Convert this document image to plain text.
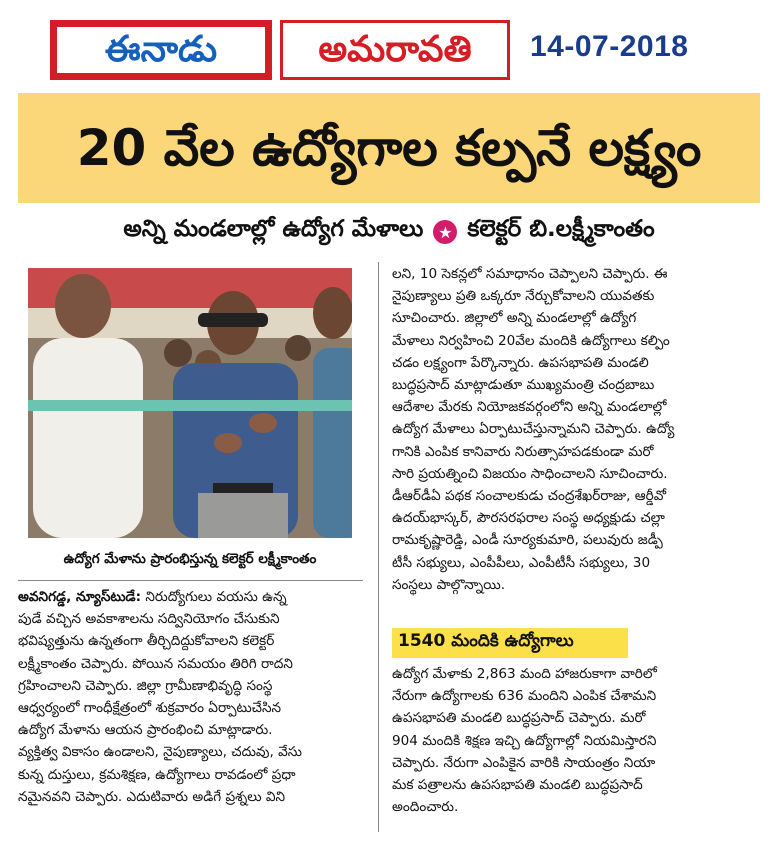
ఈనాడు	అమరావతి	14-07-2018
20 వేల ఉద్యోగాల కల్పనే లక్ష్యం
అన్ని మండలాల్లో ఉద్యోగ మేళాలు ★ కలెక్టర్ బి.లక్ష్మీకాంతం
ఉద్యోగ మేళాను ప్రారంభిస్తున్న కలెక్టర్ లక్ష్మీకాంతం
అవనిగడ్డ, న్యూస్‌టుడే: నిరుద్యోగులు వయసు ఉన్న
పుడే వచ్చిన అవకాశాలను సద్వినియోగం చేసుకుని
భవిష్యత్తును ఉన్నతంగా తీర్చిదిద్దుకోవాలని కలెక్టర్
లక్ష్మీకాంతం చెప్పారు. పోయిన సమయం తిరిగి రాదని
గ్రహించాలని చెప్పారు. జిల్లా గ్రామీణాభివృద్ధి సంస్థ
ఆధ్వర్యంలో గాంధీక్షేత్రంలో శుక్రవారం ఏర్పాటుచేసిన
ఉద్యోగ మేళాను ఆయన ప్రారంభించి మాట్లాడారు.
వ్యక్తిత్వ వికాసం ఉండాలని, నైపుణ్యాలు, చదువు, వేసు
కున్న దుస్తులు, క్రమశిక్షణ, ఉద్యోగాలు రావడంలో ప్రధా
నమైనవని చెప్పారు. ఎదుటివారు అడిగే ప్రశ్నలు విని
లని, 10 సెకన్లలో సమాధానం చెప్పాలని చెప్పారు. ఈ
నైపుణ్యాలు ప్రతి ఒక్కరూ నేర్చుకోవాలని యువతకు
సూచించారు. జిల్లాలో అన్ని మండలాల్లో ఉద్యోగ
మేళాలు నిర్వహించి 20వేల మందికి ఉద్యోగాలు కల్పిం
చడం లక్ష్యంగా పేర్కొన్నారు. ఉపసభాపతి మండలి
బుద్ధప్రసాద్ మాట్లాడుతూ ముఖ్యమంత్రి చంద్రబాబు
ఆదేశాల మేరకు నియోజకవర్గంలోని అన్ని మండలాల్లో
ఉద్యోగ మేళాలు ఏర్పాటుచేస్తున్నామని చెప్పారు. ఉద్యో
గానికి ఎంపిక కానివారు నిరుత్సాహపడకుండా మరో
సారి ప్రయత్నించి విజయం సాధించాలని సూచించారు.
డీఆర్‌డీఏ పథక సంచాలకుడు చంద్రశేఖర్‌రాజు, ఆర్డీవో
ఉదయ్‌భాస్కర్, పౌరసరఫరాల సంస్థ అధ్యక్షుడు చల్లా
రామకృష్ణారెడ్డి, ఎండీ సూర్యకుమారి, పలువురు జడ్పీ
టీసీ సభ్యులు, ఎంపీపీలు, ఎంపీటీసీ సభ్యులు, 30
సంస్థలు పాల్గొన్నాయి.
1540 మందికి ఉద్యోగాలు
ఉద్యోగ మేళాకు 2,863 మంది హాజరుకాగా వారిలో
నేరుగా ఉద్యోగాలకు 636 మందిని ఎంపిక చేశామని
ఉపసభాపతి మండలి బుద్ధప్రసాద్ చెప్పారు. మరో
904 మందికి శిక్షణ ఇచ్చి ఉద్యోగాల్లో నియమిస్తారని
చెప్పారు. నేరుగా ఎంపికైన వారికి సాయంత్రం నియా
మక పత్రాలను ఉపసభాపతి మండలి బుద్ధప్రసాద్
అందించారు.
